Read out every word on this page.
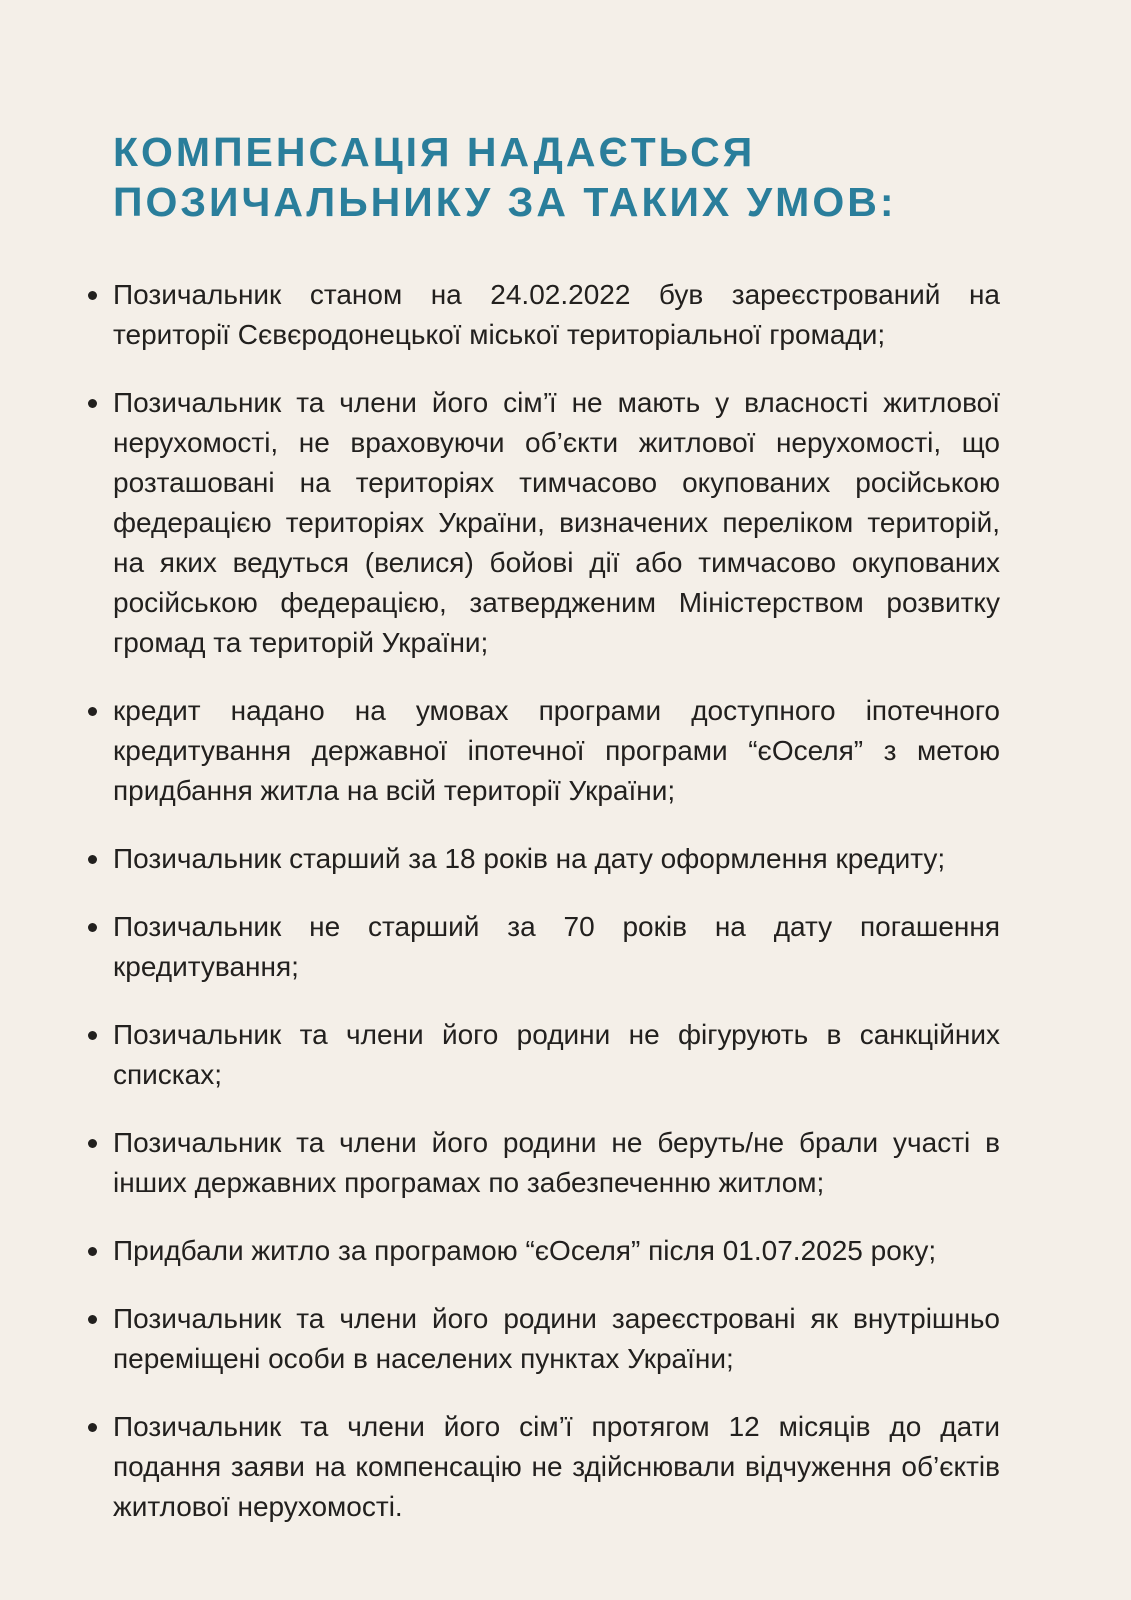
КОМПЕНСАЦІЯ НАДАЄТЬСЯ
ПОЗИЧАЛЬНИКУ ЗА ТАКИХ УМОВ:
Позичальник станом на 24.02.2022 був зареєстрований на території Сєвєродонецької міської територіальної громади;
Позичальник та члени його сім’ї не мають у власності житлової нерухомості, не враховуючи об’єкти житлової нерухомості, що розташовані на територіях тимчасово окупованих російською федерацією територіях України, визначених переліком територій, на яких ведуться (велися) бойові дії або тимчасово окупованих російською федерацією, затвердженим Міністерством розвитку громад та територій України;
кредит надано на умовах програми доступного іпотечного кредитування державної іпотечної програми “єОселя” з метою придбання житла на всій території України;
Позичальник старший за 18 років на дату оформлення кредиту;
Позичальник не старший за 70 років на дату погашення кредитування;
Позичальник та члени його родини не фігурують в санкційних списках;
Позичальник та члени його родини не беруть/не брали участі в інших державних програмах по забезпеченню житлом;
Придбали житло за програмою “єОселя” після 01.07.2025 року;
Позичальник та члени його родини зареєстровані як внутрішньо переміщені особи в населених пунктах України;
Позичальник та члени його сім’ї протягом 12 місяців до дати подання заяви на компенсацію не здійснювали відчуження об’єктів житлової нерухомості.
